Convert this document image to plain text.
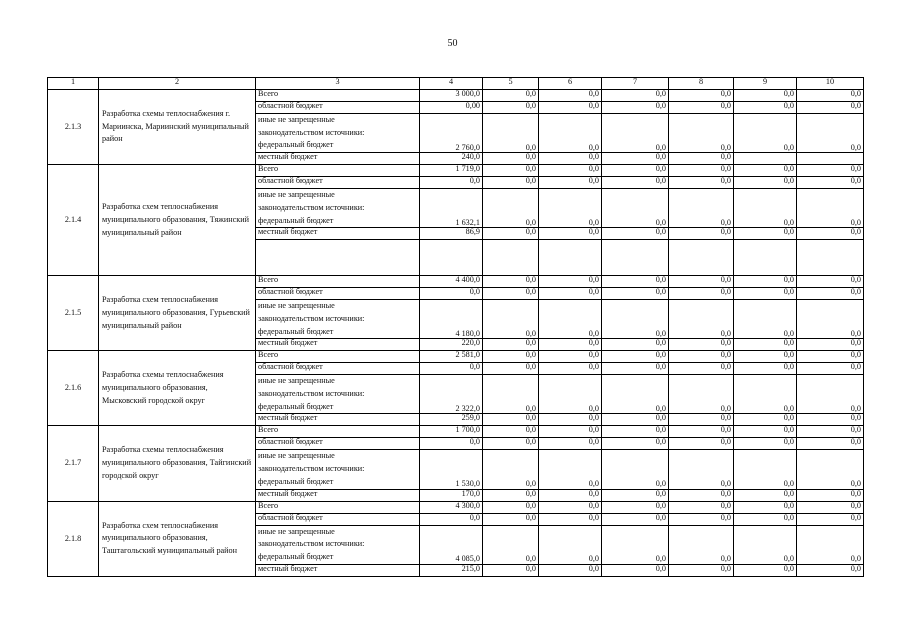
50
1	2	3	4	5	6	7	8	9	10
2.1.3	Разработка схемы теплоснабжения г. Мариинска, Мариинский муниципальный район	Всего	3 000,0	0,0	0,0	0,0	0,0	0,0	0,0
		областной бюджет	0,00	0,0	0,0	0,0	0,0	0,0	0,0

		иные не запрещенные
законодательством источники:
федеральный бюджет	2 760,0	0,0	0,0	0,0	0,0	0,0	0,0

		местный бюджет	240,0	0,0	0,0	0,0	0,0		
2.1.4	Разработка схем теплоснабжения муниципального образования, Тяжинский муниципальный район	Всего	1 719,0	0,0	0,0	0,0	0,0	0,0	0,0
		областной бюджет	0,0	0,0	0,0	0,0	0,0	0,0	0,0

		иные не запрещенные
законодательством источники:
федеральный бюджет	1 632,1	0,0	0,0	0,0	0,0	0,0	0,0

		местный бюджет	86,9	0,0	0,0	0,0	0,0	0,0	0,0

2.1.5	Разработка схем теплоснабжения муниципального образования, Гурьевский муниципальный район	Всего	4 400,0	0,0	0,0	0,0	0,0	0,0	0,0
		областной бюджет	0,0	0,0	0,0	0,0	0,0	0,0	0,0

		иные не запрещенные
законодательством источники:
федеральный бюджет	4 180,0	0,0	0,0	0,0	0,0	0,0	0,0

		местный бюджет	220,0	0,0	0,0	0,0	0,0	0,0	0,0
2.1.6	Разработка схемы теплоснабжения муниципального образования, Мысковский городской округ	Всего	2 581,0	0,0	0,0	0,0	0,0	0,0	0,0
		областной бюджет	0,0	0,0	0,0	0,0	0,0	0,0	0,0

		иные не запрещенные
законодательством источники:
федеральный бюджет	2 322,0	0,0	0,0	0,0	0,0	0,0	0,0

		местный бюджет	259,0	0,0	0,0	0,0	0,0	0,0	0,0
2.1.7	Разработка схемы теплоснабжения муниципального образования, Тайгинский городской округ	Всего	1 700,0	0,0	0,0	0,0	0,0	0,0	0,0
		областной бюджет	0,0	0,0	0,0	0,0	0,0	0,0	0,0

		иные не запрещенные
законодательством источники:
федеральный бюджет	1 530,0	0,0	0,0	0,0	0,0	0,0	0,0

		местный бюджет	170,0	0,0	0,0	0,0	0,0	0,0	0,0
2.1.8	Разработка схем теплоснабжения муниципального образования, Таштагольский муниципальный район	Всего	4 300,0	0,0	0,0	0,0	0,0	0,0	0,0
		областной бюджет	0,0	0,0	0,0	0,0	0,0	0,0	0,0

		иные не запрещенные
законодательством источники:
федеральный бюджет	4 085,0	0,0	0,0	0,0	0,0	0,0	0,0

		местный бюджет	215,0	0,0	0,0	0,0	0,0	0,0	0,0
